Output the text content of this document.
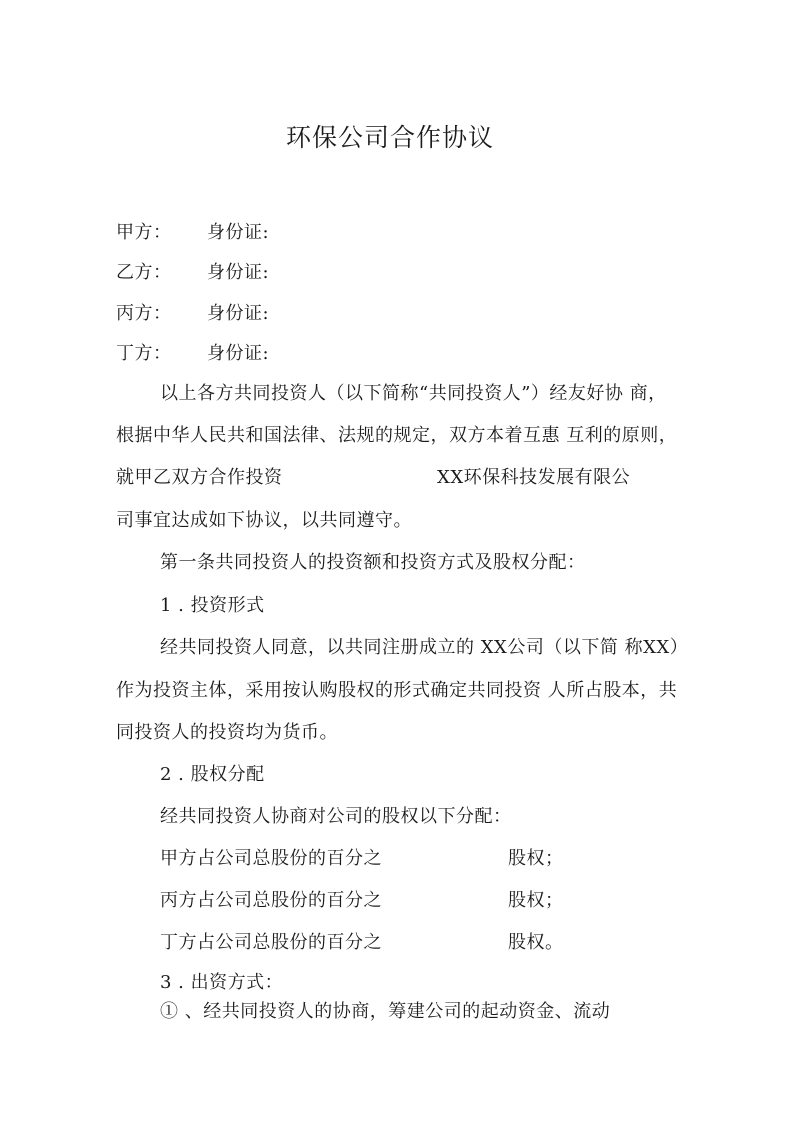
环保公司合作协议
甲方： 身份证:
乙方： 身份证:
丙方： 身份证:
丁方： 身份证:
以上各方共同投资人（以下简称“共同投资人”）经友好协 商，
根据中华人民共和国法律、法规的规定，双方本着互惠 互利的原则，
就甲乙双方合作投资	XX环保科技发展有限公
司事宜达成如下协议，以共同遵守。
第一条共同投资人的投资额和投资方式及股权分配：
1 . 投资形式
经共同投资人同意，以共同注册成立的 XX公司（以下简 称XX）
作为投资主体，采用按认购股权的形式确定共同投资 人所占股本，共
同投资人的投资均为货币。
2 . 股权分配
经共同投资人协商对公司的股权以下分配：
甲方占公司总股份的百分之	股权；
丙方占公司总股份的百分之	股权；
丁方占公司总股份的百分之	股权。
3 . 出资方式：
① 、经共同投资人的协商，筹建公司的起动资金、流动
